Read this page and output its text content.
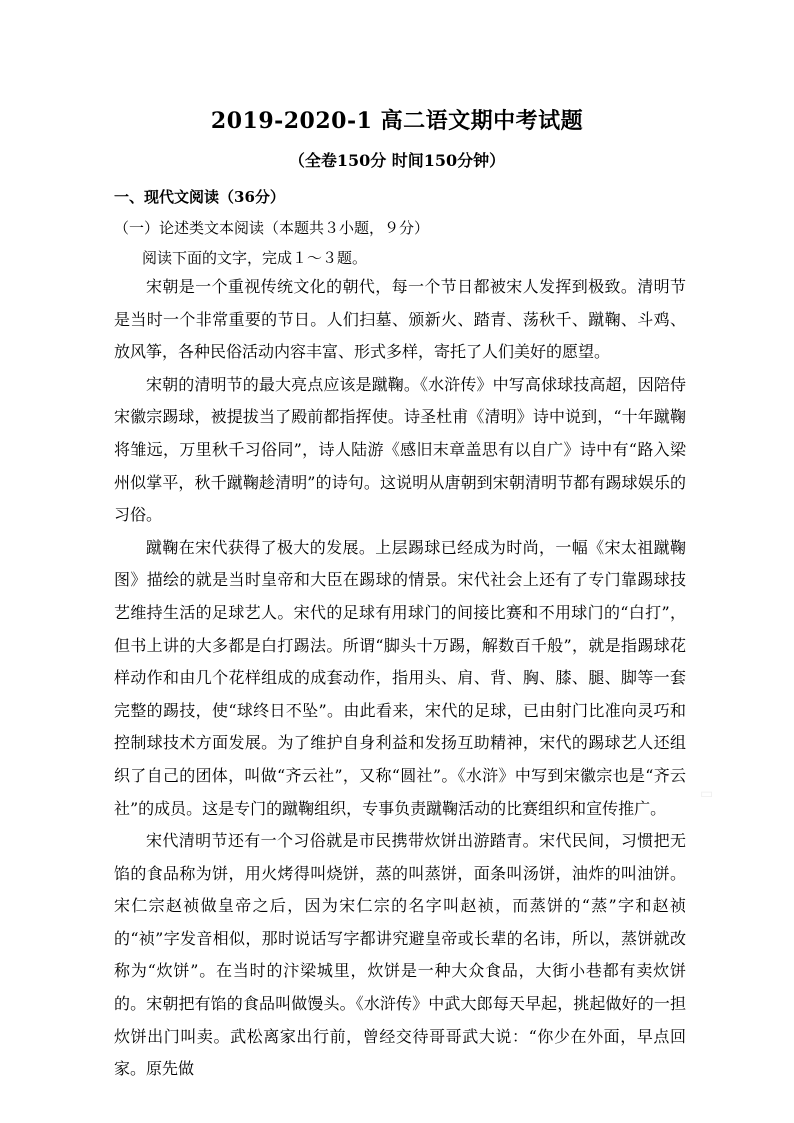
2019-2020-1 高二语文期中考试题
（全卷150分 时间150分钟）
一、现代文阅读（36分）
（一）论述类文本阅读（本题共３小题，９分）
阅读下面的文字，完成１～３题。

宋朝是一个重视传统文化的朝代，每一个节日都被宋人发挥到极致。清明节是当时一个非常重要的节日。人们扫墓、颁新火、踏青、荡秋千、蹴鞠、斗鸡、放风筝，各种民俗活动内容丰富、形式多样，寄托了人们美好的愿望。

宋朝的清明节的最大亮点应该是蹴鞠。《水浒传》中写高俅球技高超，因陪侍宋徽宗踢球，被提拔当了殿前都指挥使。诗圣杜甫《清明》诗中说到，“十年蹴鞠将雏远，万里秋千习俗同”，诗人陆游《感旧末章盖思有以自广》诗中有“路入梁州似掌平，秋千蹴鞠趁清明”的诗句。这说明从唐朝到宋朝清明节都有踢球娱乐的习俗。

蹴鞠在宋代获得了极大的发展。上层踢球已经成为时尚，一幅《宋太祖蹴鞠图》描绘的就是当时皇帝和大臣在踢球的情景。宋代社会上还有了专门靠踢球技艺维持生活的足球艺人。宋代的足球有用球门的间接比赛和不用球门的“白打”，但书上讲的大多都是白打踢法。所谓“脚头十万踢，解数百千般”，就是指踢球花样动作和由几个花样组成的成套动作，指用头、肩、背、胸、膝、腿、脚等一套完整的踢技，使“球终日不坠”。由此看来，宋代的足球，已由射门比准向灵巧和控制球技术方面发展。为了维护自身利益和发扬互助精神，宋代的踢球艺人还组织了自己的团体，叫做“齐云社”，又称“圆社”。《水浒》中写到宋徽宗也是“齐云社”的成员。这是专门的蹴鞠组织，专事负责蹴鞠活动的比赛组织和宣传推广。

宋代清明节还有一个习俗就是市民携带炊饼出游踏青。宋代民间，习惯把无馅的食品称为饼，用火烤得叫烧饼，蒸的叫蒸饼，面条叫汤饼，油炸的叫油饼。宋仁宗赵祯做皇帝之后，因为宋仁宗的名字叫赵祯，而蒸饼的“蒸”字和赵祯的“祯”字发音相似，那时说话写字都讲究避皇帝或长辈的名讳，所以，蒸饼就改称为“炊饼”。在当时的汴梁城里，炊饼是一种大众食品，大街小巷都有卖炊饼的。宋朝把有馅的食品叫做馒头。《水浒传》中武大郎每天早起，挑起做好的一担炊饼出门叫卖。武松离家出行前，曾经交待哥哥武大说：“你少在外面，早点回家。原先做

▭
